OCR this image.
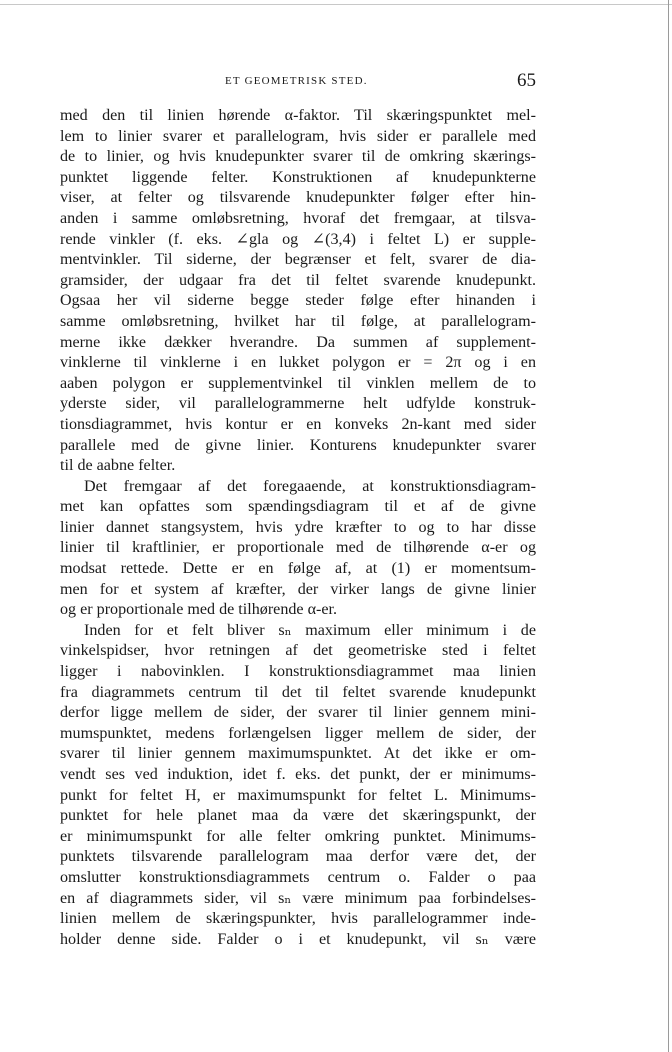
ET GEOMETRISK STED.	65
med den til linien hørende α-faktor. Til skæringspunktet mel-
lem to linier svarer et parallelogram, hvis sider er parallele med
de to linier, og hvis knudepunkter svarer til de omkring skærings-
punktet liggende felter. Konstruktionen af knudepunkterne
viser, at felter og tilsvarende knudepunkter følger efter hin-
anden i samme omløbsretning, hvoraf det fremgaar, at tilsva-
rende vinkler (f. eks. ∠gla og ∠(3,4) i feltet L) er supple-
mentvinkler. Til siderne, der begrænser et felt, svarer de dia-
gramsider, der udgaar fra det til feltet svarende knudepunkt.
Ogsaa her vil siderne begge steder følge efter hinanden i
samme omløbsretning, hvilket har til følge, at parallelogram-
merne ikke dækker hverandre. Da summen af supplement-
vinklerne til vinklerne i en lukket polygon er = 2π og i en
aaben polygon er supplementvinkel til vinklen mellem de to
yderste sider, vil parallelogrammerne helt udfylde konstruk-
tionsdiagrammet, hvis kontur er en konveks 2n-kant med sider
parallele med de givne linier. Konturens knudepunkter svarer
til de aabne felter.
Det fremgaar af det foregaaende, at konstruktionsdiagram-
met kan opfattes som spændingsdiagram til et af de givne
linier dannet stangsystem, hvis ydre kræfter to og to har disse
linier til kraftlinier, er proportionale med de tilhørende α-er og
modsat rettede. Dette er en følge af, at (1) er momentsum-
men for et system af kræfter, der virker langs de givne linier
og er proportionale med de tilhørende α-er.
Inden for et felt bliver sₙ maximum eller minimum i de
vinkelspidser, hvor retningen af det geometriske sted i feltet
ligger i nabovinklen. I konstruktionsdiagrammet maa linien
fra diagrammets centrum til det til feltet svarende knudepunkt
derfor ligge mellem de sider, der svarer til linier gennem mini-
mumspunktet, medens forlængelsen ligger mellem de sider, der
svarer til linier gennem maximumspunktet. At det ikke er om-
vendt ses ved induktion, idet f. eks. det punkt, der er minimums-
punkt for feltet H, er maximumspunkt for feltet L. Minimums-
punktet for hele planet maa da være det skæringspunkt, der
er minimumspunkt for alle felter omkring punktet. Minimums-
punktets tilsvarende parallelogram maa derfor være det, der
omslutter konstruktionsdiagrammets centrum o. Falder o paa
en af diagrammets sider, vil sₙ være minimum paa forbindelses-
linien mellem de skæringspunkter, hvis parallelogrammer inde-
holder denne side. Falder o i et knudepunkt, vil sₙ være
